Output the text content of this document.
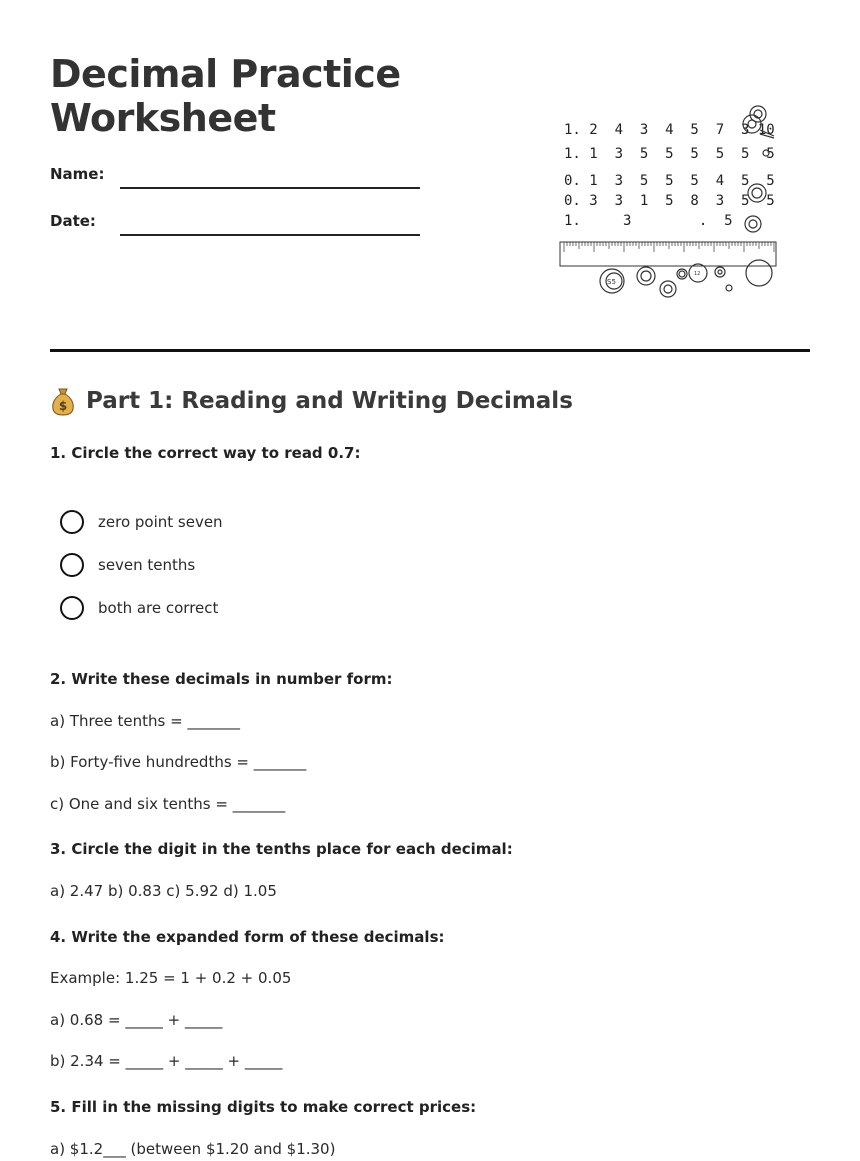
Decimal Practice
Worksheet
Name:
Date:
1. 2  4  3  4  5  7  3 10
1. 1  3  5  5  5  5  5  5
0. 1  3  5  5  5  4  5  5
0. 3  3  1  5  8  3  5  5
1.     3        .  5
S5
12
$ Part 1: Reading and Writing Decimals

1. Circle the correct way to read 0.7:

zero point seven
seven tenths
both are correct

2. Write these decimals in number form:

a) Three tenths = _______

b) Forty-five hundredths = _______

c) One and six tenths = _______

3. Circle the digit in the tenths place for each decimal:

a) 2.47 b) 0.83 c) 5.92 d) 1.05

4. Write the expanded form of these decimals:

Example: 1.25 = 1 + 0.2 + 0.05

a) 0.68 = _____ + _____

b) 2.34 = _____ + _____ + _____

5. Fill in the missing digits to make correct prices:

a) $1.2___ (between $1.20 and $1.30)
